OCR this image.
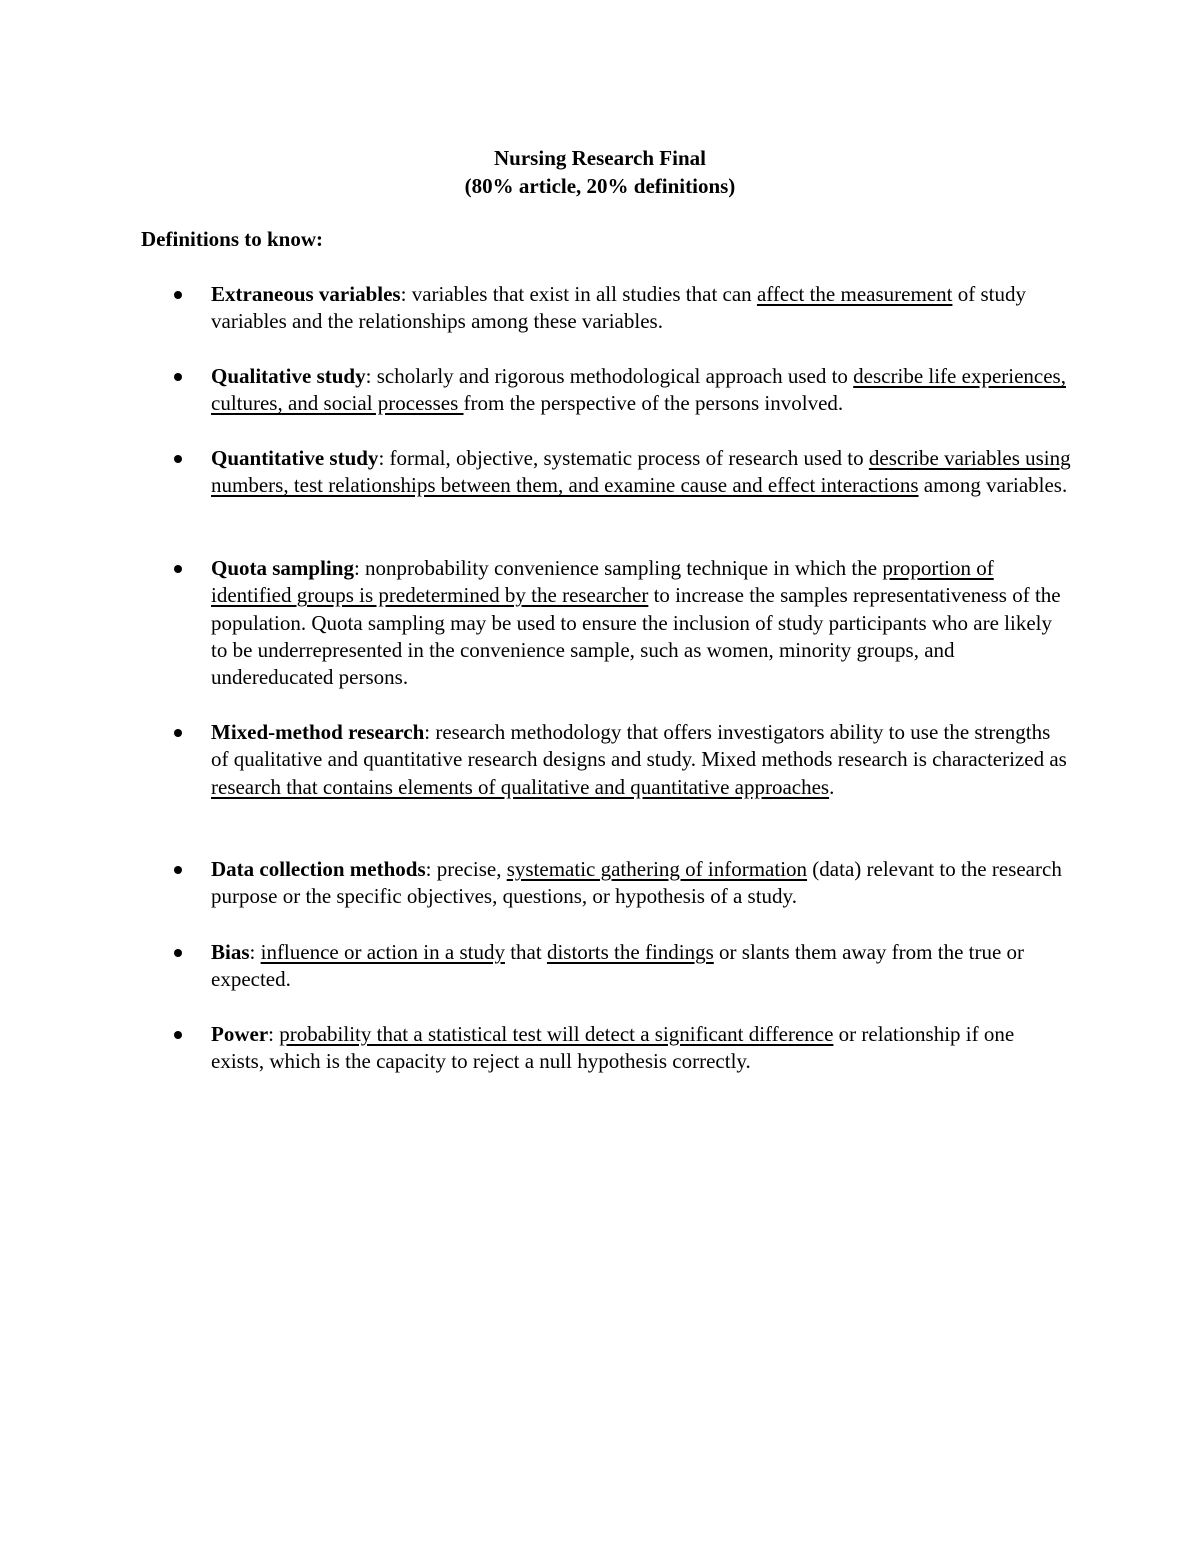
Nursing Research Final
(80% article, 20% definitions)
Definitions to know:
Extraneous variables: variables that exist in all studies that can affect the measurement of study variables and the relationships among these variables.
Qualitative study: scholarly and rigorous methodological approach used to describe life experiences, cultures, and social processes from the perspective of the persons involved.
Quantitative study: formal, objective, systematic process of research used to describe variables using numbers, test relationships between them, and examine cause and effect interactions among variables.
Quota sampling: nonprobability convenience sampling technique in which the proportion of identified groups is predetermined by the researcher to increase the samples representativeness of the population. Quota sampling may be used to ensure the inclusion of study participants who are likely to be underrepresented in the convenience sample, such as women, minority groups, and undereducated persons.
Mixed-method research: research methodology that offers investigators ability to use the strengths of qualitative and quantitative research designs and study. Mixed methods research is characterized as research that contains elements of qualitative and quantitative approaches.
Data collection methods: precise, systematic gathering of information (data) relevant to the research purpose or the specific objectives, questions, or hypothesis of a study.
Bias: influence or action in a study that distorts the findings or slants them away from the true or expected.
Power: probability that a statistical test will detect a significant difference or relationship if one exists, which is the capacity to reject a null hypothesis correctly.
